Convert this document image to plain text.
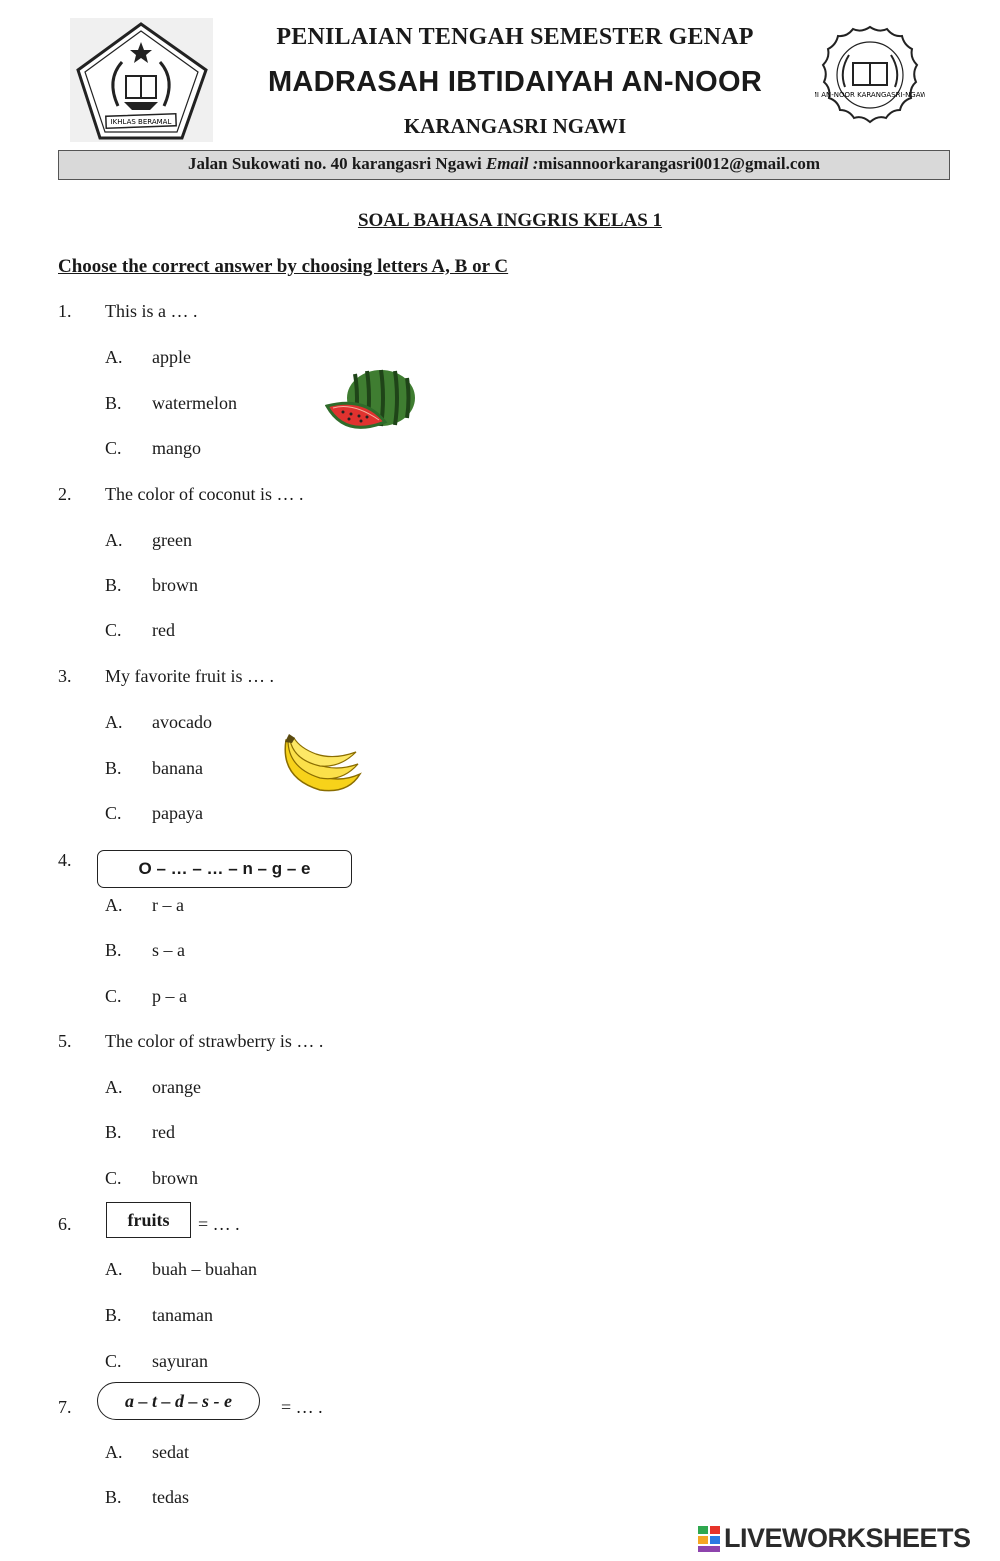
IKHLAS BERAMAL
MI AN-NOOR KARANGASRI-NGAWI
PENILAIAN TENGAH SEMESTER GENAP
MADRASAH IBTIDAIYAH AN-NOOR
KARANGASRI NGAWI
Jalan Sukowati no. 40 karangasri Ngawi Email :misannoorkarangasri0012@gmail.com
SOAL BAHASA INGGRIS KELAS 1
Choose the correct answer by choosing letters A, B or C
1. This is a … .
A. apple
B. watermelon
C. mango
2. The color of coconut is … .
A. green
B. brown
C. red
3. My favorite fruit is … .
A. avocado
B. banana
C. papaya
4.	O – … – … – n – g – e
A. r – a
B. s – a
C. p – a
5. The color of strawberry is … .
A. orange
B. red
C. brown
6.	fruits	= … .
A. buah – buahan
B. tanaman
C. sayuran
7.	a – t – d – s - e	= … .
A. sedat
B. tedas
LIVEWORKSHEETS
